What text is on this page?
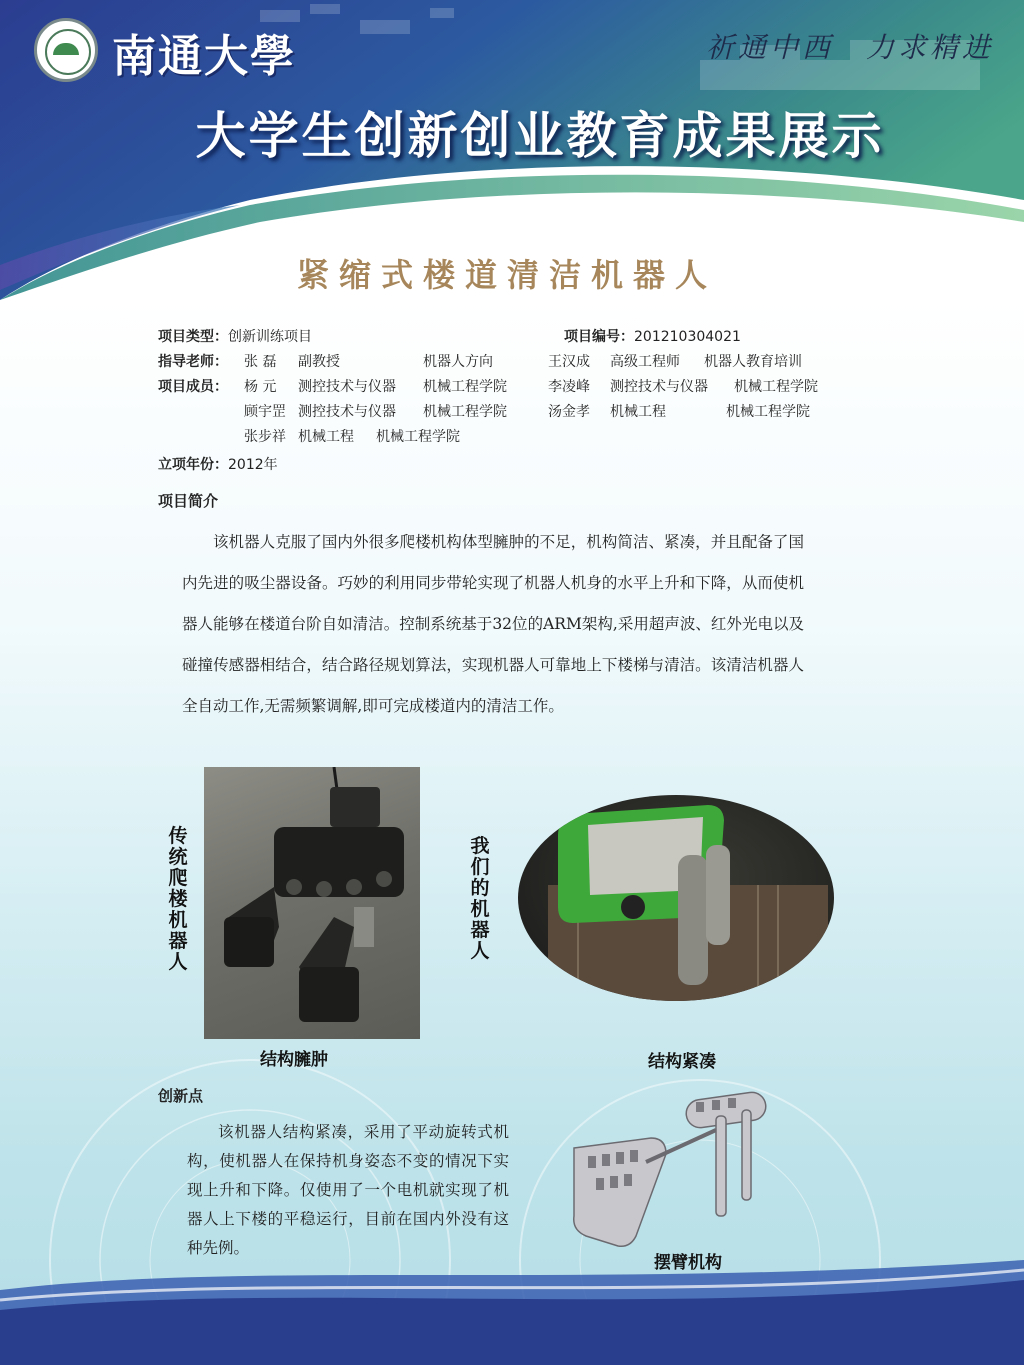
南通大學	祈通中西　力求精进
大学生创新创业教育成果展示
紧缩式楼道清洁机器人
项目类型：创新训练项目	项目编号：201210304021
指导老师： 张 磊 副教授	机器人方向	王汉成 高级工程师 机器人教育培训
项目成员： 杨 元 测控技术与仪器 机械工程学院	李凌峰 测控技术与仪器 机械工程学院
顾宇罡 测控技术与仪器 机械工程学院	汤金孝 机械工程	机械工程学院
张步祥 机械工程 机械工程学院
立项年份：2012年
项目简介

该机器人克服了国内外很多爬楼机构体型臃肿的不足，机构简洁、紧凑，并且配备了国内先进的吸尘器设备。巧妙的利用同步带轮实现了机器人机身的水平上升和下降，从而使机器人能够在楼道台阶自如清洁。控制系统基于32位的ARM架构,采用超声波、红外光电以及碰撞传感器相结合，结合路径规划算法，实现机器人可靠地上下楼梯与清洁。该清洁机器人全自动工作,无需频繁调解,即可完成楼道内的清洁工作。

传统爬楼机器人
结构臃肿
我们的机器人
结构紧凑
创新点

该机器人结构紧凑，采用了平动旋转式机构，使机器人在保持机身姿态不变的情况下实现上升和下降。仅使用了一个电机就实现了机器人上下楼的平稳运行，目前在国内外没有这种先例。

摆臂机构
